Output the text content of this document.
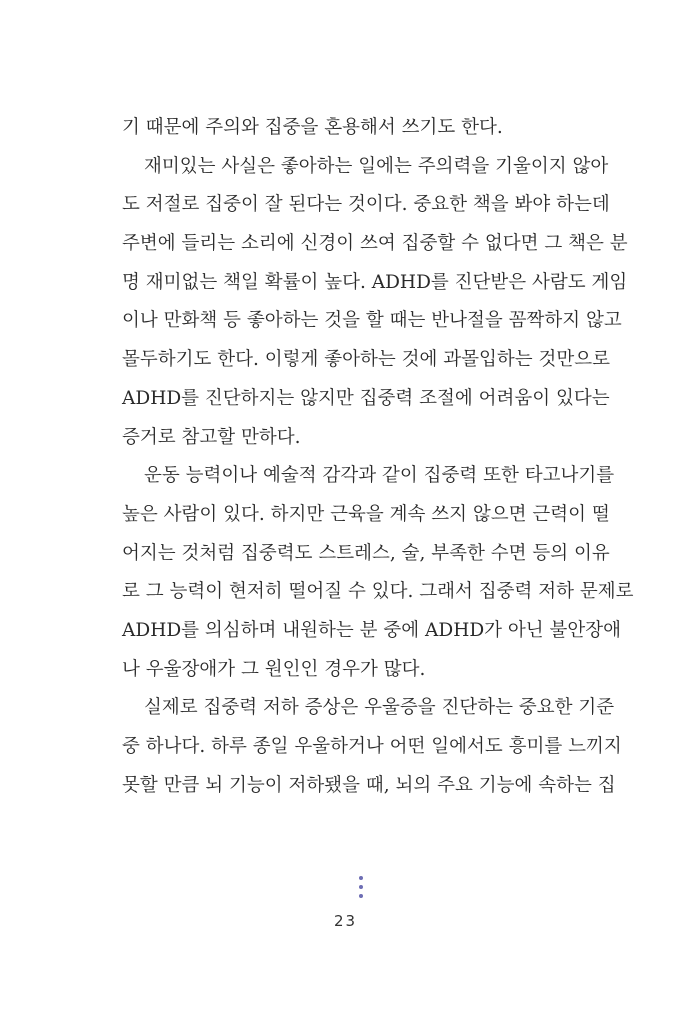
기 때문에 주의와 집중을 혼용해서 쓰기도 한다.
재미있는 사실은 좋아하는 일에는 주의력을 기울이지 않아
도 저절로 집중이 잘 된다는 것이다. 중요한 책을 봐야 하는데
주변에 들리는 소리에 신경이 쓰여 집중할 수 없다면 그 책은 분
명 재미없는 책일 확률이 높다. ADHD를 진단받은 사람도 게임
이나 만화책 등 좋아하는 것을 할 때는 반나절을 꼼짝하지 않고
몰두하기도 한다. 이렇게 좋아하는 것에 과몰입하는 것만으로
ADHD를 진단하지는 않지만 집중력 조절에 어려움이 있다는
증거로 참고할 만하다.
운동 능력이나 예술적 감각과 같이 집중력 또한 타고나기를
높은 사람이 있다. 하지만 근육을 계속 쓰지 않으면 근력이 떨
어지는 것처럼 집중력도 스트레스, 술, 부족한 수면 등의 이유
로 그 능력이 현저히 떨어질 수 있다. 그래서 집중력 저하 문제로
ADHD를 의심하며 내원하는 분 중에 ADHD가 아닌 불안장애
나 우울장애가 그 원인인 경우가 많다.
실제로 집중력 저하 증상은 우울증을 진단하는 중요한 기준
중 하나다. 하루 종일 우울하거나 어떤 일에서도 흥미를 느끼지
못할 만큼 뇌 기능이 저하됐을 때, 뇌의 주요 기능에 속하는 집
23
